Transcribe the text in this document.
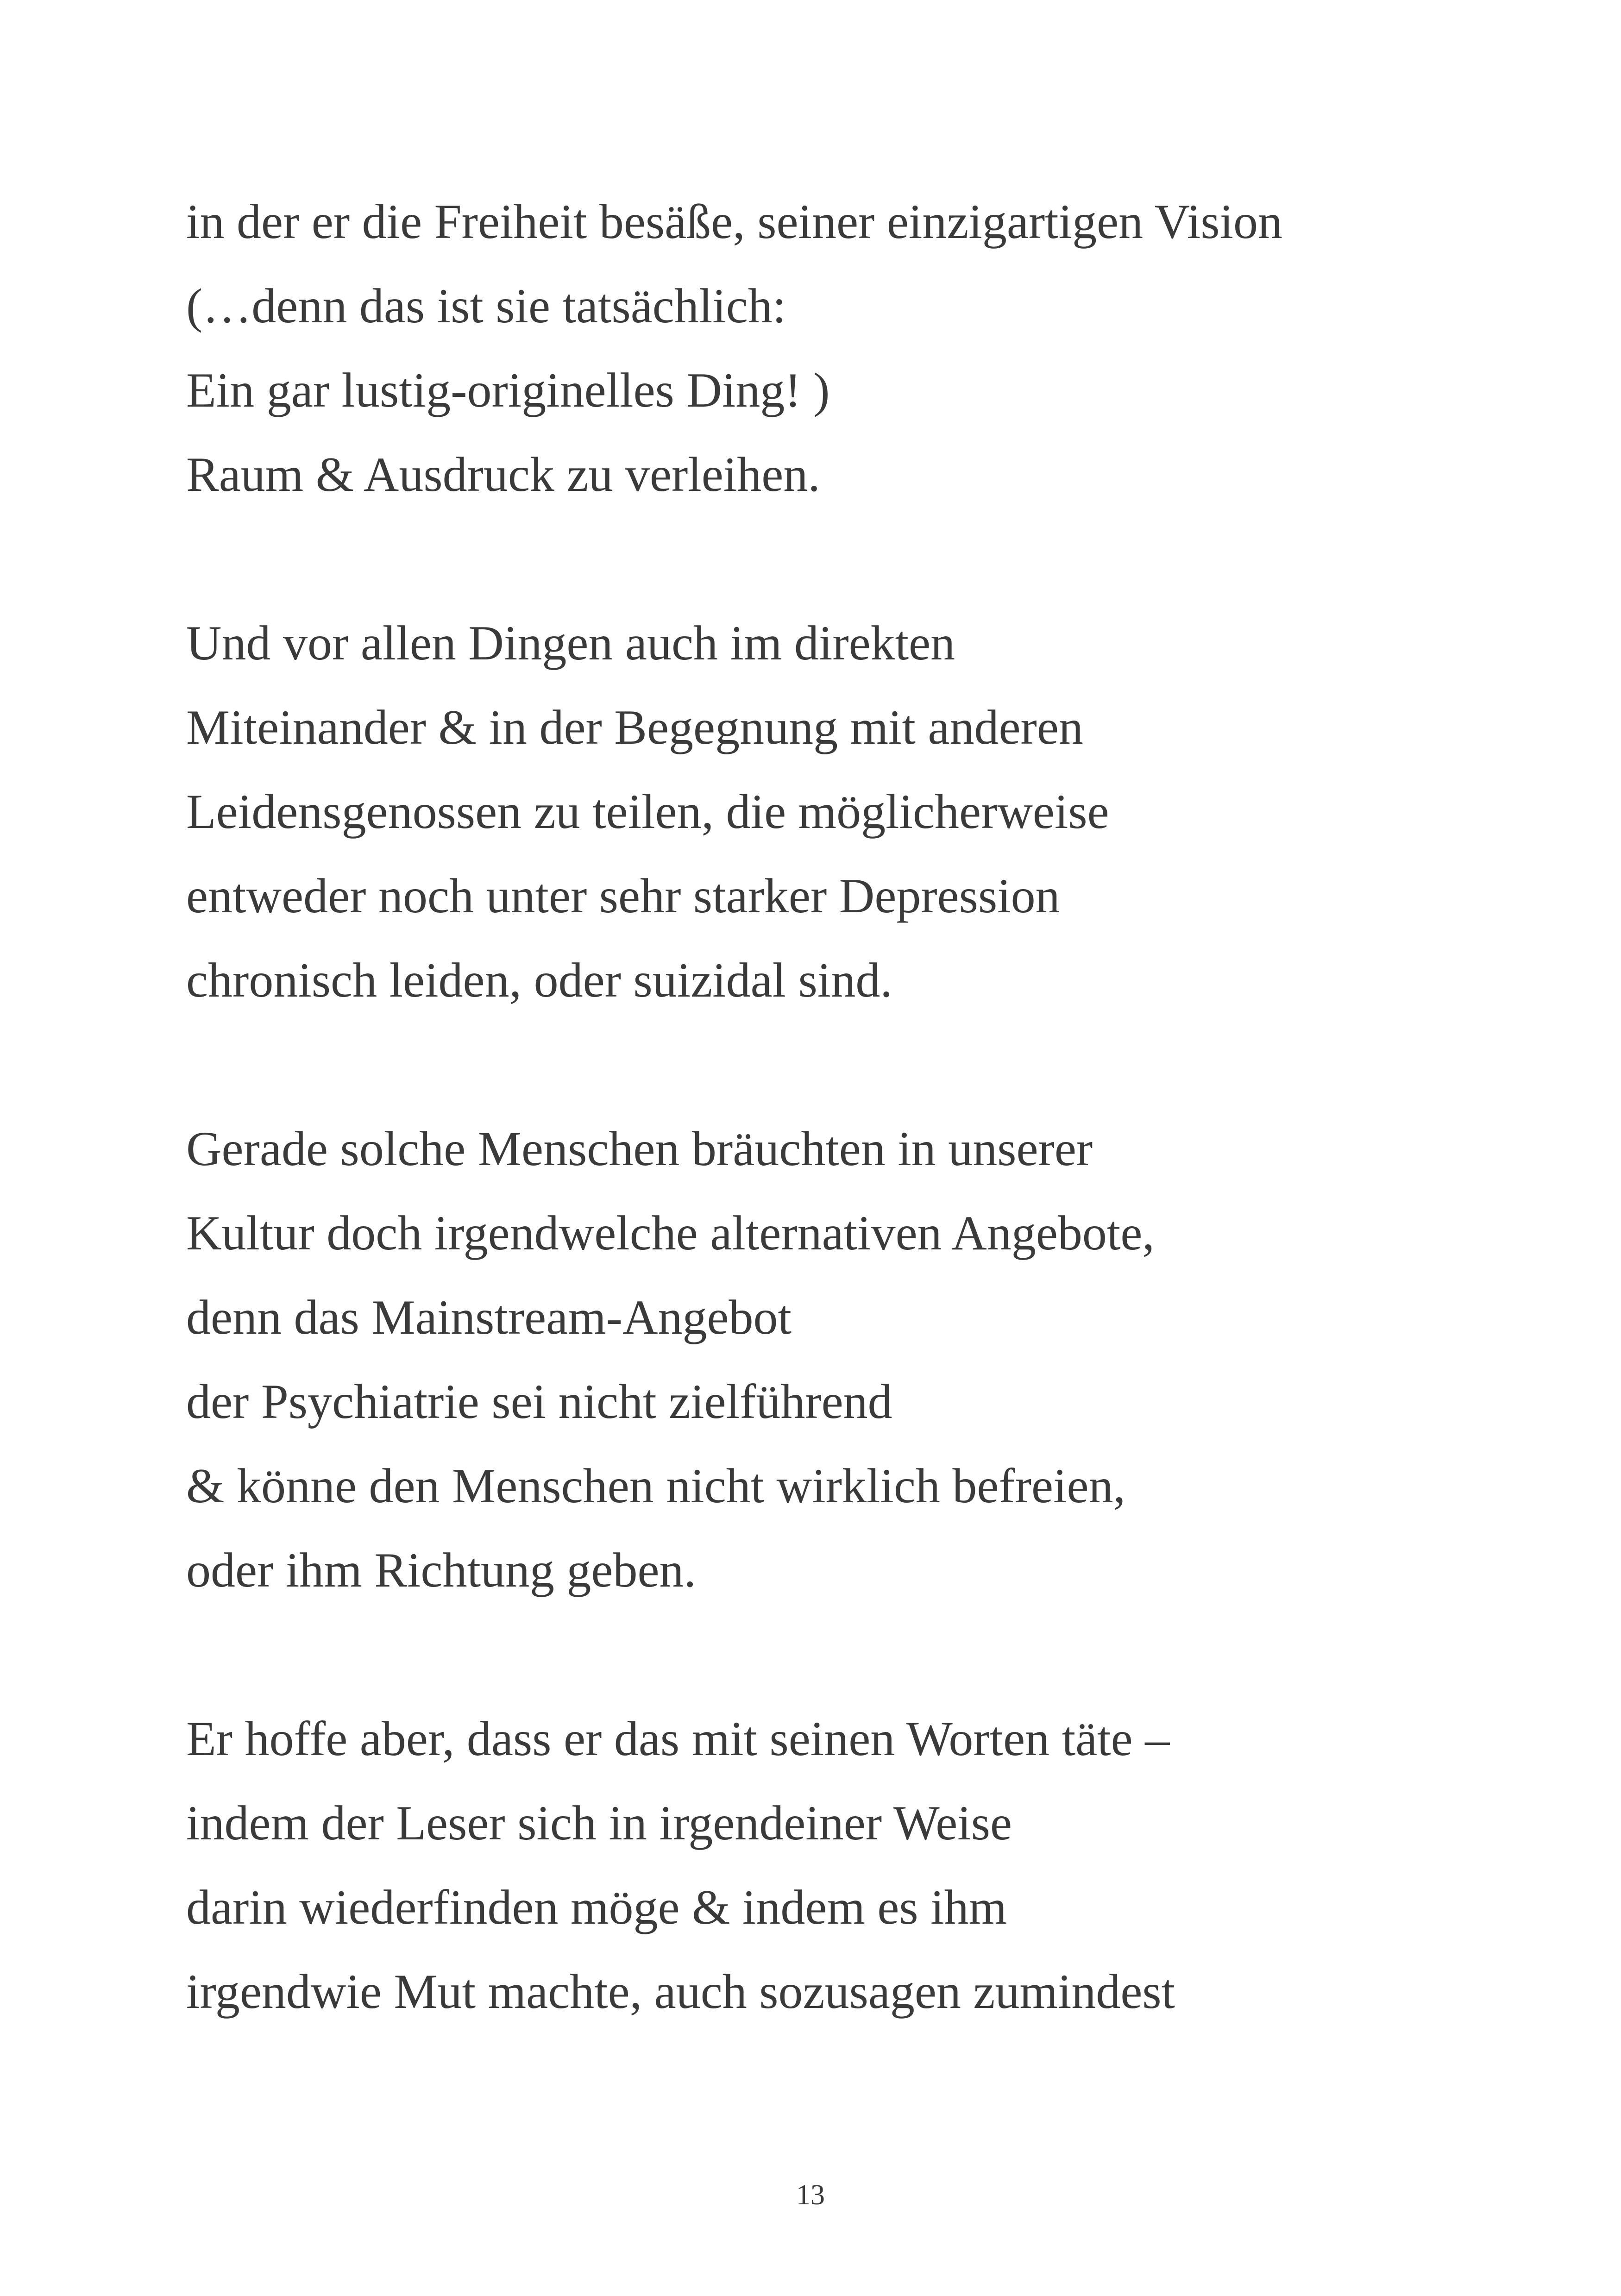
in der er die Freiheit besäße, seiner einzigartigen Vision
(…denn das ist sie tatsächlich:
Ein gar lustig-originelles Ding! )
Raum & Ausdruck zu verleihen.
Und vor allen Dingen auch im direkten
Miteinander & in der Begegnung mit anderen
Leidensgenossen zu teilen, die möglicherweise
entweder noch unter sehr starker Depression
chronisch leiden, oder suizidal sind.
Gerade solche Menschen bräuchten in unserer
Kultur doch irgendwelche alternativen Angebote,
denn das Mainstream-Angebot
der Psychiatrie sei nicht zielführend
& könne den Menschen nicht wirklich befreien,
oder ihm Richtung geben.
Er hoffe aber, dass er das mit seinen Worten täte –
indem der Leser sich in irgendeiner Weise
darin wiederfinden möge & indem es ihm
irgendwie Mut machte, auch sozusagen zumindest
13
